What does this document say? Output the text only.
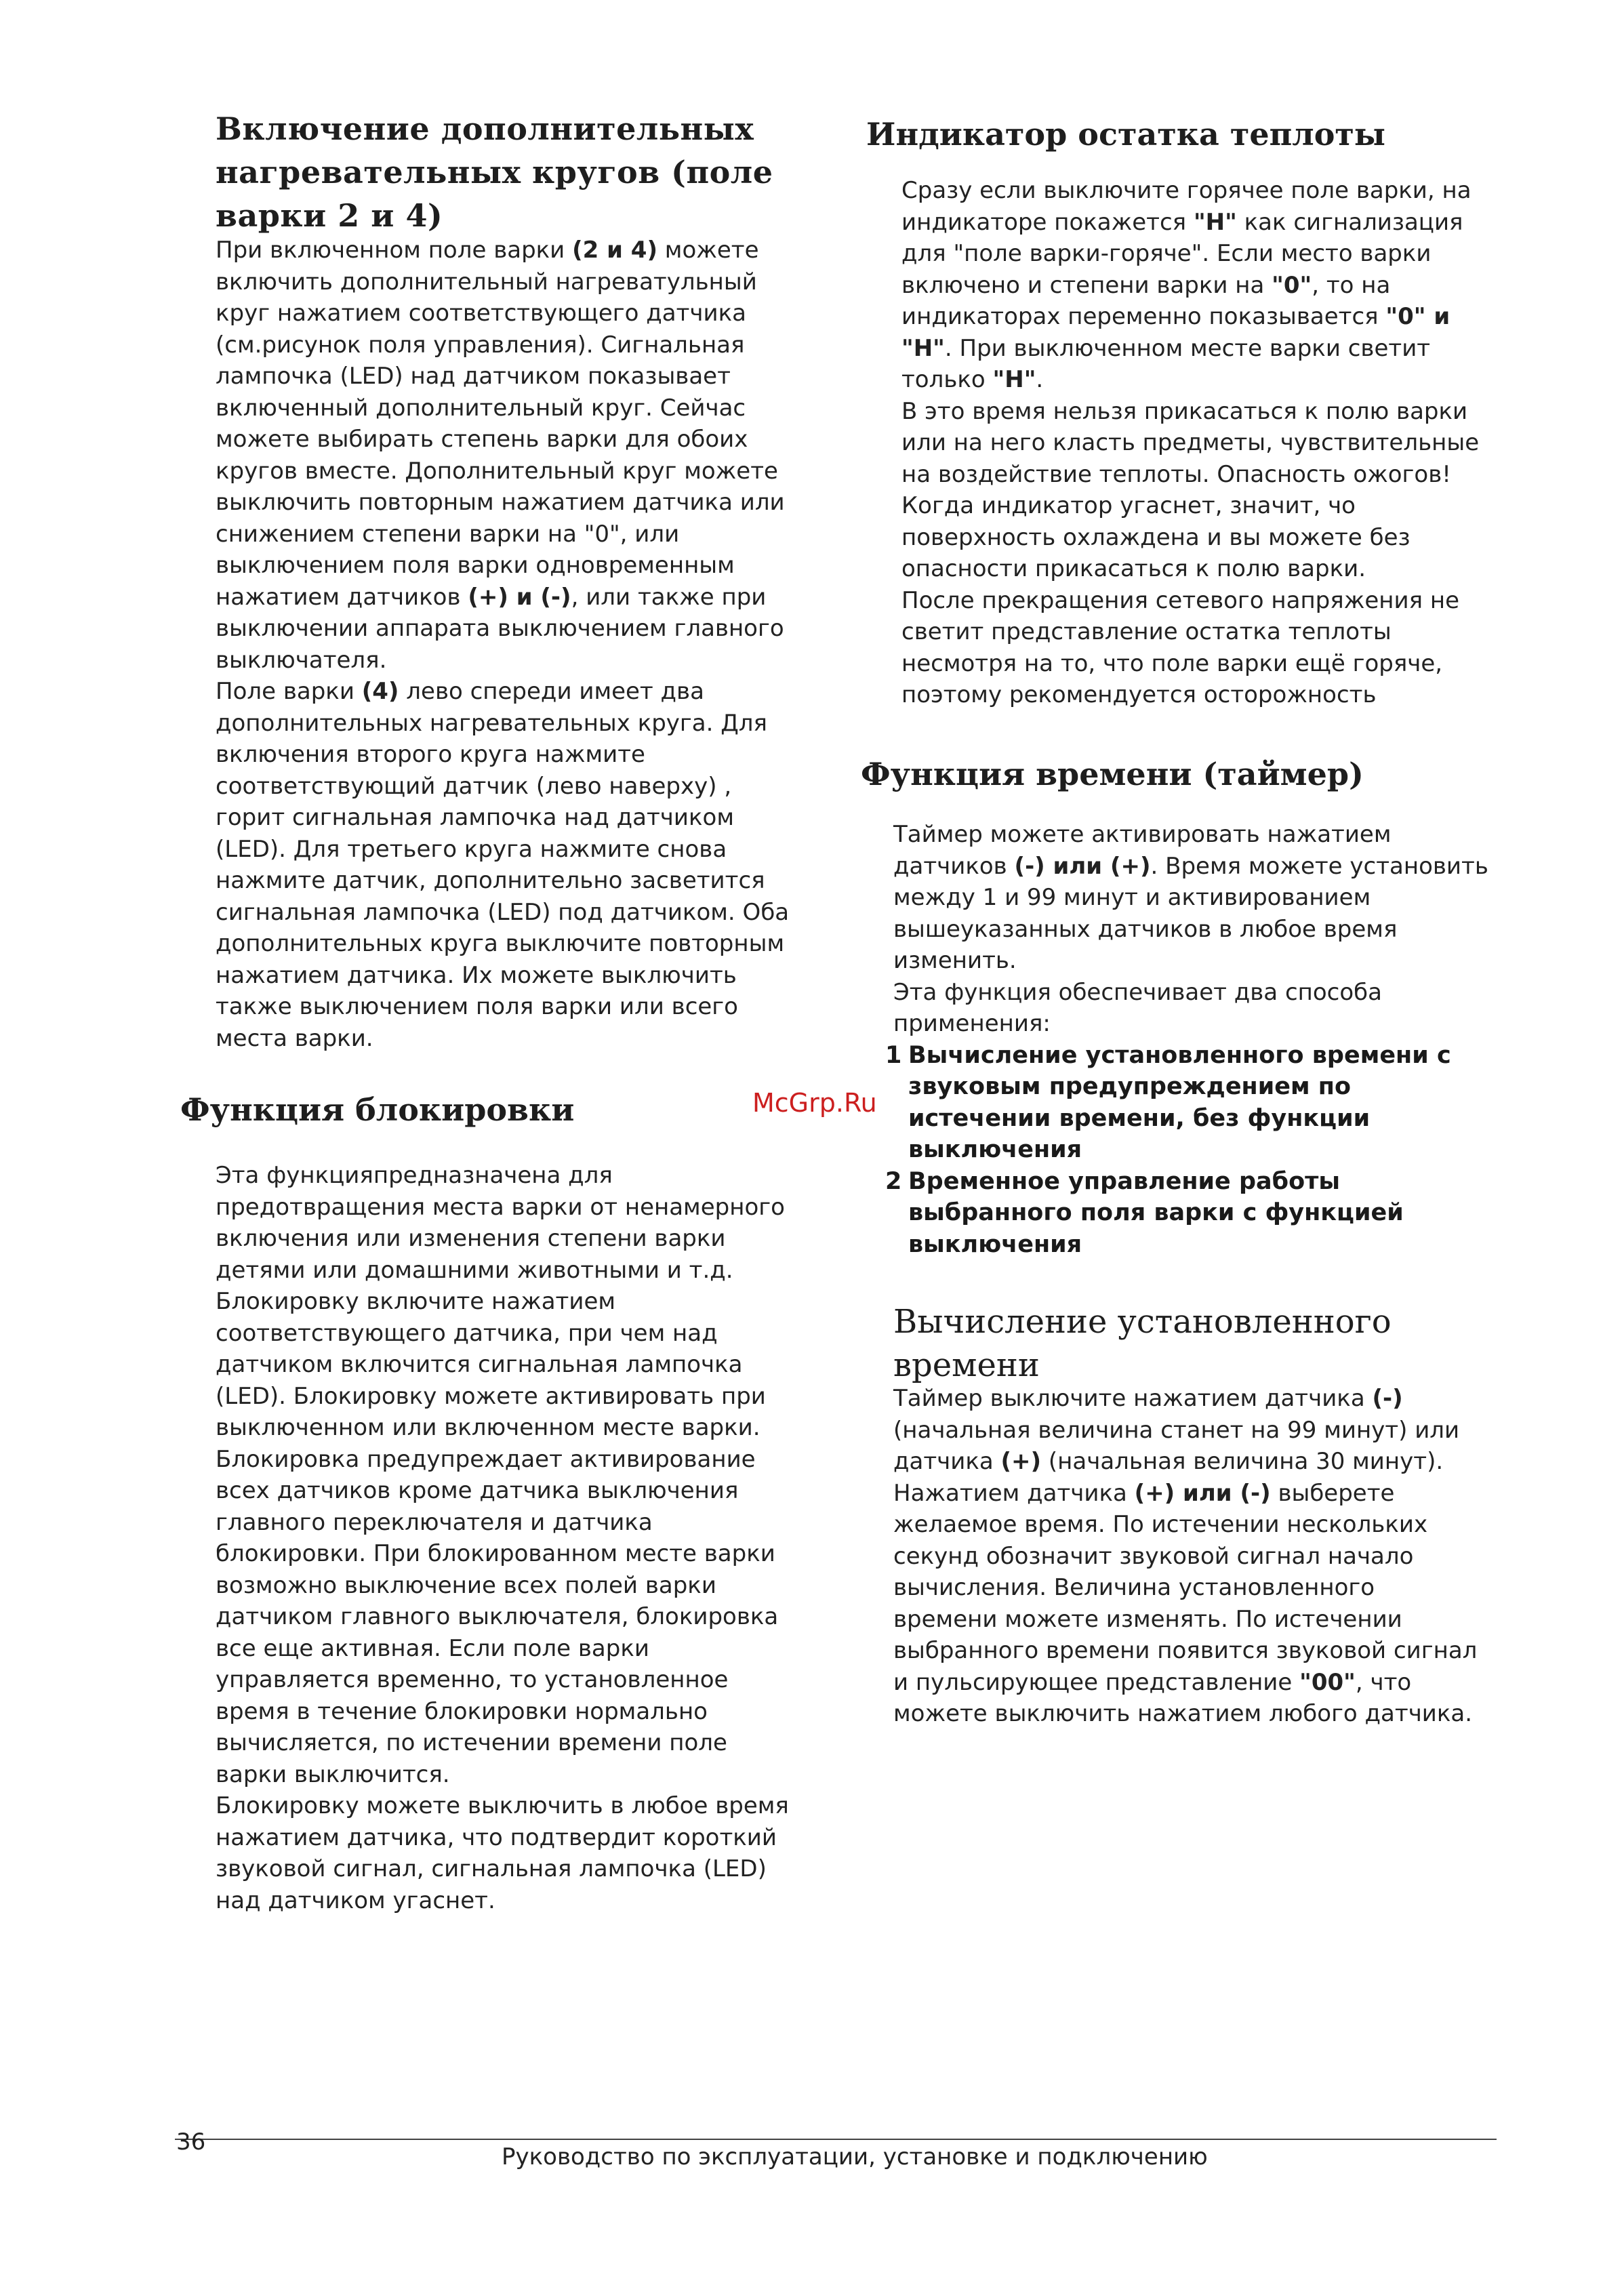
Включение дополнительных
нагревательных кругов (поле
варки 2 и 4)

При включенном поле варки (2 и 4) можете
включить дополнительный нагреватульный
круг нажатием соответствующего датчика
(см.рисунок поля управления). Сигнальная
лампочка (LED) над датчиком показывает
включенный дополнительный круг. Сейчас
можете выбирать степень варки для обоих
кругов вместе. Дополнительный круг можете
выключить повторным нажатием датчика или
снижением степени варки на "0", или
выключением поля варки одновременным
нажатием датчиков (+) и (-), или также при
выключении аппарата выключением главного
выключателя.

Поле варки (4) лево спереди имеет два
дополнительных нагревательных круга. Для
включения второго круга нажмите
соответствующий датчик (лево наверху) ,
горит сигнальная лампочка над датчиком
(LED). Для третьего круга нажмите снова
нажмите датчик, дополнительно засветится
сигнальная лампочка (LED) под датчиком. Оба
дополнительных круга выключите повторным
нажатием датчика. Их можете выключить
также выключением поля варки или всего
места варки.

Функция блокировки

Эта функцияпредназначена для
предотвращения места варки от ненамерного
включения или изменения степени варки
детями или домашними животными и т.д.
Блокировку включите нажатием
соответствующего датчика, при чем над
датчиком включится сигнальная лампочка
(LED). Блокировку можете активировать при
выключенном или включенном месте варки.
Блокировка предупреждает активирование
всех датчиков кроме датчика выключения
главного переключателя и датчика
блокировки. При блокированном месте варки
возможно выключение всех полей варки
датчиком главного выключателя, блокировка
все еще активная. Если поле варки
управляется временно, то установленное
время в течение блокировки нормально
вычисляется, по истечении времени поле
варки выключится.

Блокировку можете выключить в любое время
нажатием датчика, что подтвердит короткий
звуковой сигнал, сигнальная лампочка (LED)
над датчиком угаснет.

Индикатор остатка теплоты

Сразу если выключите горячее поле варки, на
индикаторе покажется "H" как сигнализация
для "поле варки-горяче". Если место варки
включено и степени варки на "0", то на
индикаторах переменно показывается "0" и
"H". При выключенном месте варки светит
только "H".

В это время нельзя прикасаться к полю варки
или на него класть предметы, чувствительные
на воздействие теплоты. Опасность ожогов!
Когда индикатор угаснет, значит, чо
поверхность охлаждена и вы можете без
опасности прикасаться к полю варки.

После прекращения сетевого напряжения не
светит представление остатка теплоты
несмотря на то, что поле варки ещё горяче,
поэтому рекомендуется осторожность

Функция времени (таймер)

Таймер можете активировать нажатием
датчиков (-) или (+). Время можете установить
между 1 и 99 минут и активированием
вышеуказанных датчиков в любое время
изменить.

Эта функция обеспечивает два способа
применения:

1 Вычисление установленного времени с
звуковым предупреждением по
истечении времени, без функции
выключения
2 Временное управление работы
выбранного поля варки с функцией
выключения
Вычисление установленного
времени

Таймер выключите нажатием датчика (-)
(начальная величина станет на 99 минут) или
датчика (+) (начальная величина 30 минут).
Нажатием датчика (+) или (-) выберете
желаемое время. По истечении нескольких
секунд обозначит звуковой сигнал начало
вычисления. Величина установленного
времени можете изменять. По истечении
выбранного времени появится звуковой сигнал
и пульсирующее представление "00", что
можете выключить нажатием любого датчика.

McGrp.Ru
36
Руководство по эксплуатации, установке и подключению
